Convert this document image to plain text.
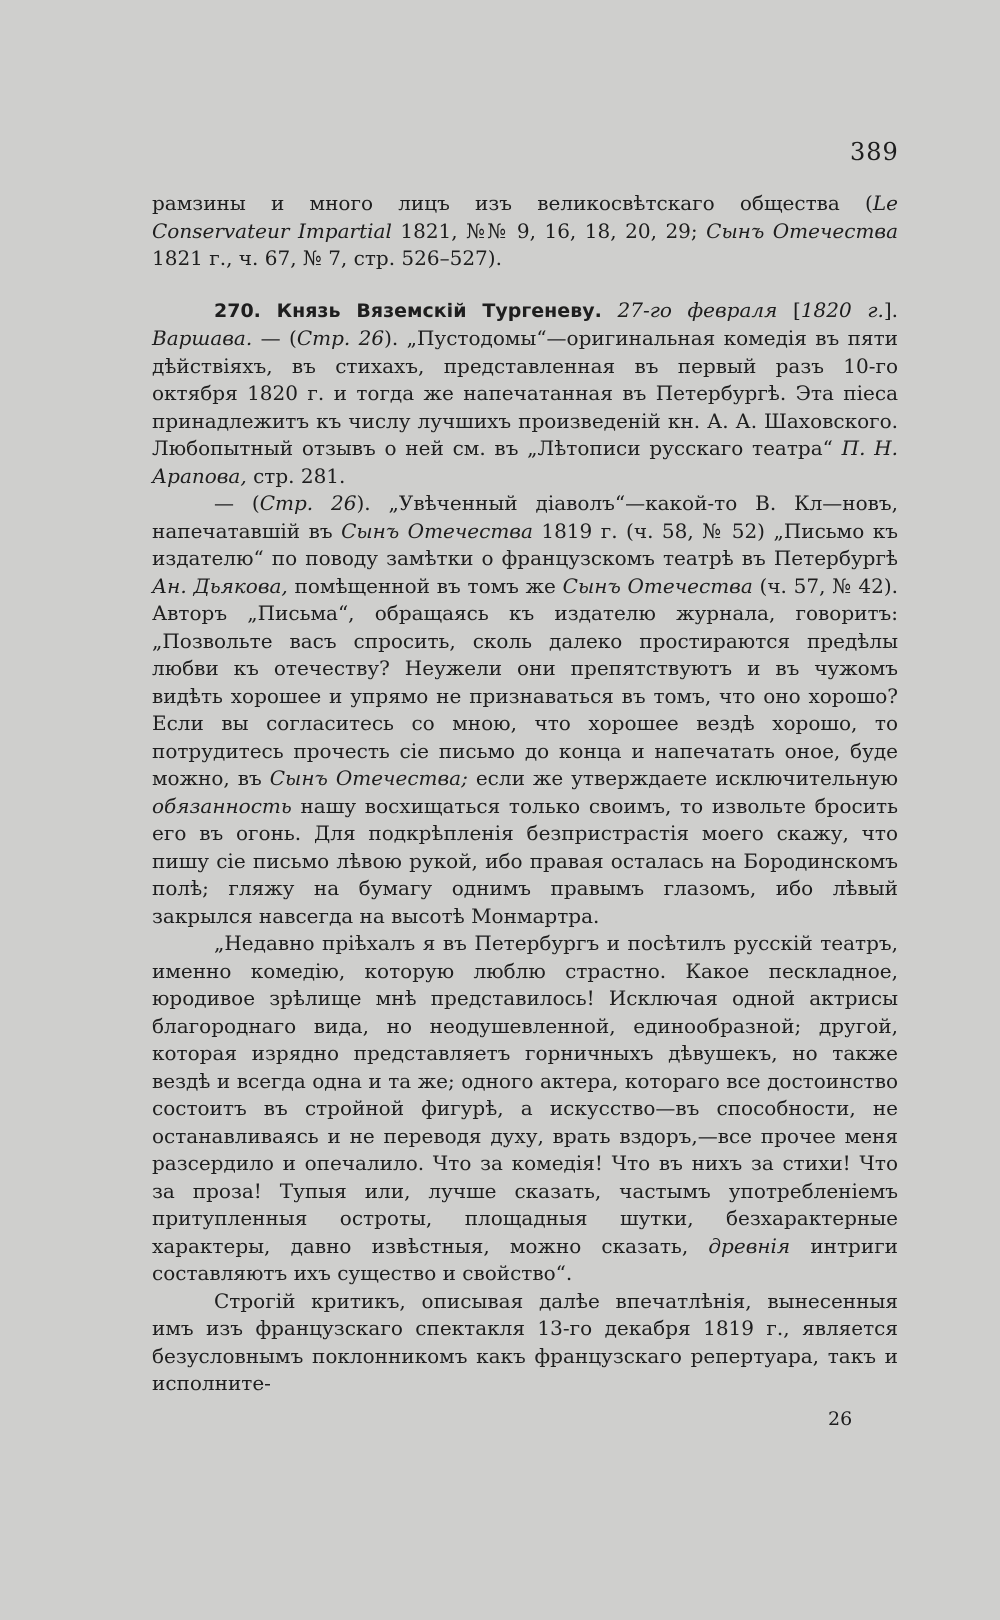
389

рамзины и много лицъ изъ великосвѣтскаго общества (Le Conservateur Impartial 1821, №№ 9, 16, 18, 20, 29; Сынъ Отечества 1821 г., ч. 67, № 7, стр. 526–527).

270. Князь Вяземскій Тургеневу. 27-го февраля [1820 г.]. Варшава. — (Стр. 26). „Пустодомы“—оригинальная комедія въ пяти дѣйствіяхъ, въ стихахъ, представленная въ первый разъ 10-го октября 1820 г. и тогда же напечатанная въ Петербургѣ. Эта піеса принадлежитъ къ числу лучшихъ произведеній кн. А. А. Шаховского. Любопытный отзывъ о ней см. въ „Лѣтописи русскаго театра“ П. Н. Арапова, стр. 281.

— (Стр. 26). „Увѣченный діаволъ“—какой-то В. Кл—новъ, напечатавшій въ Сынъ Отечества 1819 г. (ч. 58, № 52) „Письмо къ издателю“ по поводу замѣтки о французскомъ театрѣ въ Петербургѣ Ан. Дьякова, помѣщенной въ томъ же Сынъ Отечества (ч. 57, № 42). Авторъ „Письма“, обращаясь къ издателю журнала, говоритъ: „Позвольте васъ спросить, сколь далеко простираются предѣлы любви къ отечеству? Неужели они препятствуютъ и въ чужомъ видѣть хорошее и упрямо не признаваться въ томъ, что оно хорошо? Если вы согласитесь со мною, что хорошее вездѣ хорошо, то потрудитесь прочесть сіе письмо до конца и напечатать оное, буде можно, въ Сынъ Отечества; если же утверждаете исключительную обязанность нашу восхищаться только своимъ, то извольте бросить его въ огонь. Для подкрѣпленія безпристрастія моего скажу, что пишу сіе письмо лѣвою рукой, ибо правая осталась на Бородинскомъ полѣ; гляжу на бумагу однимъ правымъ глазомъ, ибо лѣвый закрылся навсегда на высотѣ Монмартра.

„Недавно пріѣхалъ я въ Петербургъ и посѣтилъ русскій театръ, именно комедію, которую люблю страстно. Какое пескладное, юродивое зрѣлище мнѣ представилось! Исключая одной актрисы благороднаго вида, но неодушевленной, единообразной; другой, которая изрядно представляетъ горничныхъ дѣвушекъ, но также вездѣ и всегда одна и та же; одного актера, котораго все достоинство состоитъ въ стройной фигурѣ, а искусство—въ способности, не останавливаясь и не переводя духу, врать вздоръ,—все прочее меня разсердило и опечалило. Что за комедія! Что въ нихъ за стихи! Что за проза! Тупыя или, лучше сказать, частымъ употребленіемъ притупленныя остроты, площадныя шутки, безхарактерные характеры, давно извѣстныя, можно сказать, древнія интриги составляютъ ихъ существо и свойство“.

Строгій критикъ, описывая далѣе впечатлѣнія, вынесенныя имъ изъ французскаго спектакля 13-го декабря 1819 г., является безусловнымъ поклонникомъ какъ французскаго репертуара, такъ и исполните-

26
